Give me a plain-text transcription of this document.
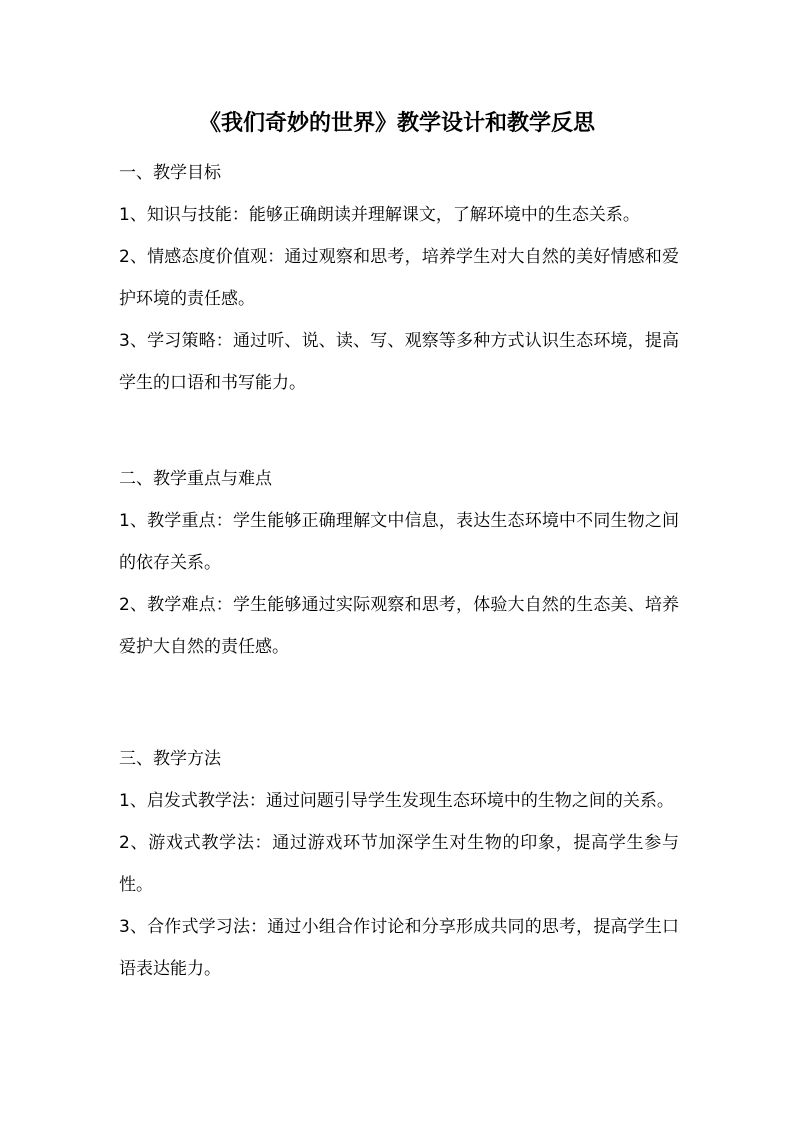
《我们奇妙的世界》教学设计和教学反思

一、教学目标

1、知识与技能：能够正确朗读并理解课文，了解环境中的生态关系。

2、情感态度价值观：通过观察和思考，培养学生对大自然的美好情感和爱护环境的责任感。

3、学习策略：通过听、说、读、写、观察等多种方式认识生态环境，提高学生的口语和书写能力。

二、教学重点与难点

1、教学重点：学生能够正确理解文中信息，表达生态环境中不同生物之间的依存关系。

2、教学难点：学生能够通过实际观察和思考，体验大自然的生态美、培养爱护大自然的责任感。

三、教学方法

1、启发式教学法：通过问题引导学生发现生态环境中的生物之间的关系。

2、游戏式教学法：通过游戏环节加深学生对生物的印象，提高学生参与性。

3、合作式学习法：通过小组合作讨论和分享形成共同的思考，提高学生口语表达能力。
